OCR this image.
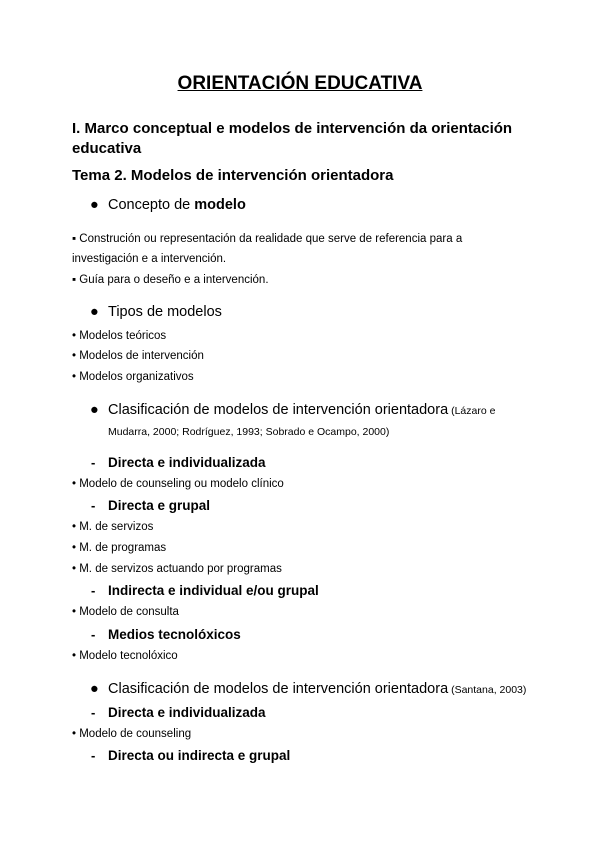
ORIENTACIÓN EDUCATIVA
I. Marco conceptual e modelos de intervención da orientación
educativa
Tema 2. Modelos de intervención orientadora
● Concepto de modelo
▪ Construción ou representación da realidade que serve de referencia para a
investigación e a intervención.
▪ Guía para o deseño e a intervención.
● Tipos de modelos
• Modelos teóricos
• Modelos de intervención
• Modelos organizativos
● Clasificación de modelos de intervención orientadora (Lázaro e
Mudarra, 2000; Rodríguez, 1993; Sobrado e Ocampo, 2000)
- Directa e individualizada
• Modelo de counseling ou modelo clínico
- Directa e grupal
• M. de servizos
• M. de programas
• M. de servizos actuando por programas
- Indirecta e individual e/ou grupal
• Modelo de consulta
- Medios tecnolóxicos
• Modelo tecnolóxico
● Clasificación de modelos de intervención orientadora (Santana, 2003)
- Directa e individualizada
• Modelo de counseling
- Directa ou indirecta e grupal
